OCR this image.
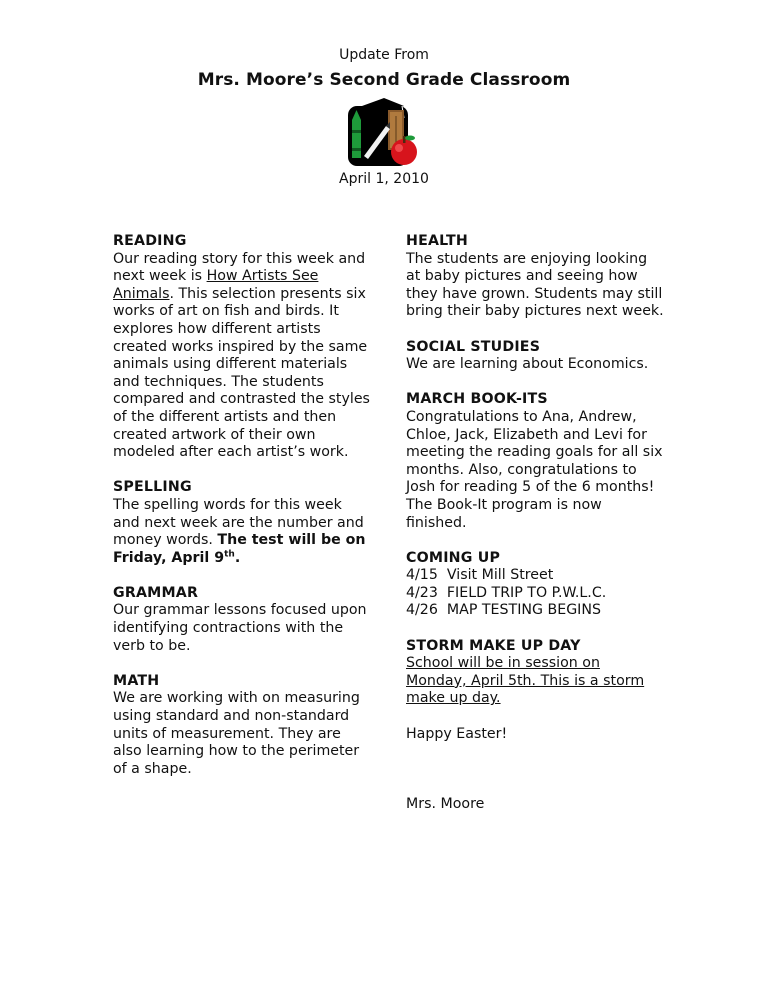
Update From
Mrs. Moore’s Second Grade Classroom
April 1, 2010
READING
Our reading story for this week and next week is How Artists See Animals. This selection presents six works of art on fish and birds. It explores how different artists created works inspired by the same animals using different materials and techniques. The students compared and contrasted the styles of the different artists and then created artwork of their own modeled after each artist’s work.
SPELLING
The spelling words for this week and next week are the number and money words. The test will be on Friday, April 9th.
GRAMMAR
Our grammar lessons focused upon identifying contractions with the verb to be.
MATH
We are working with on measuring using standard and non-standard units of measurement. They are also learning how to the perimeter of a shape.
HEALTH
The students are enjoying looking at baby pictures and seeing how they have grown. Students may still bring their baby pictures next week.
SOCIAL STUDIES
We are learning about Economics.
MARCH BOOK-ITS
Congratulations to Ana, Andrew, Chloe, Jack, Elizabeth and Levi for meeting the reading goals for all six months. Also, congratulations to Josh for reading 5 of the 6 months! The Book-It program is now finished.
COMING UP
4/15  Visit Mill Street
4/23  FIELD TRIP TO P.W.L.C.
4/26  MAP TESTING BEGINS
STORM MAKE UP DAY
School will be in session on Monday, April 5th. This is a storm make up day.
Happy Easter!
Mrs. Moore
